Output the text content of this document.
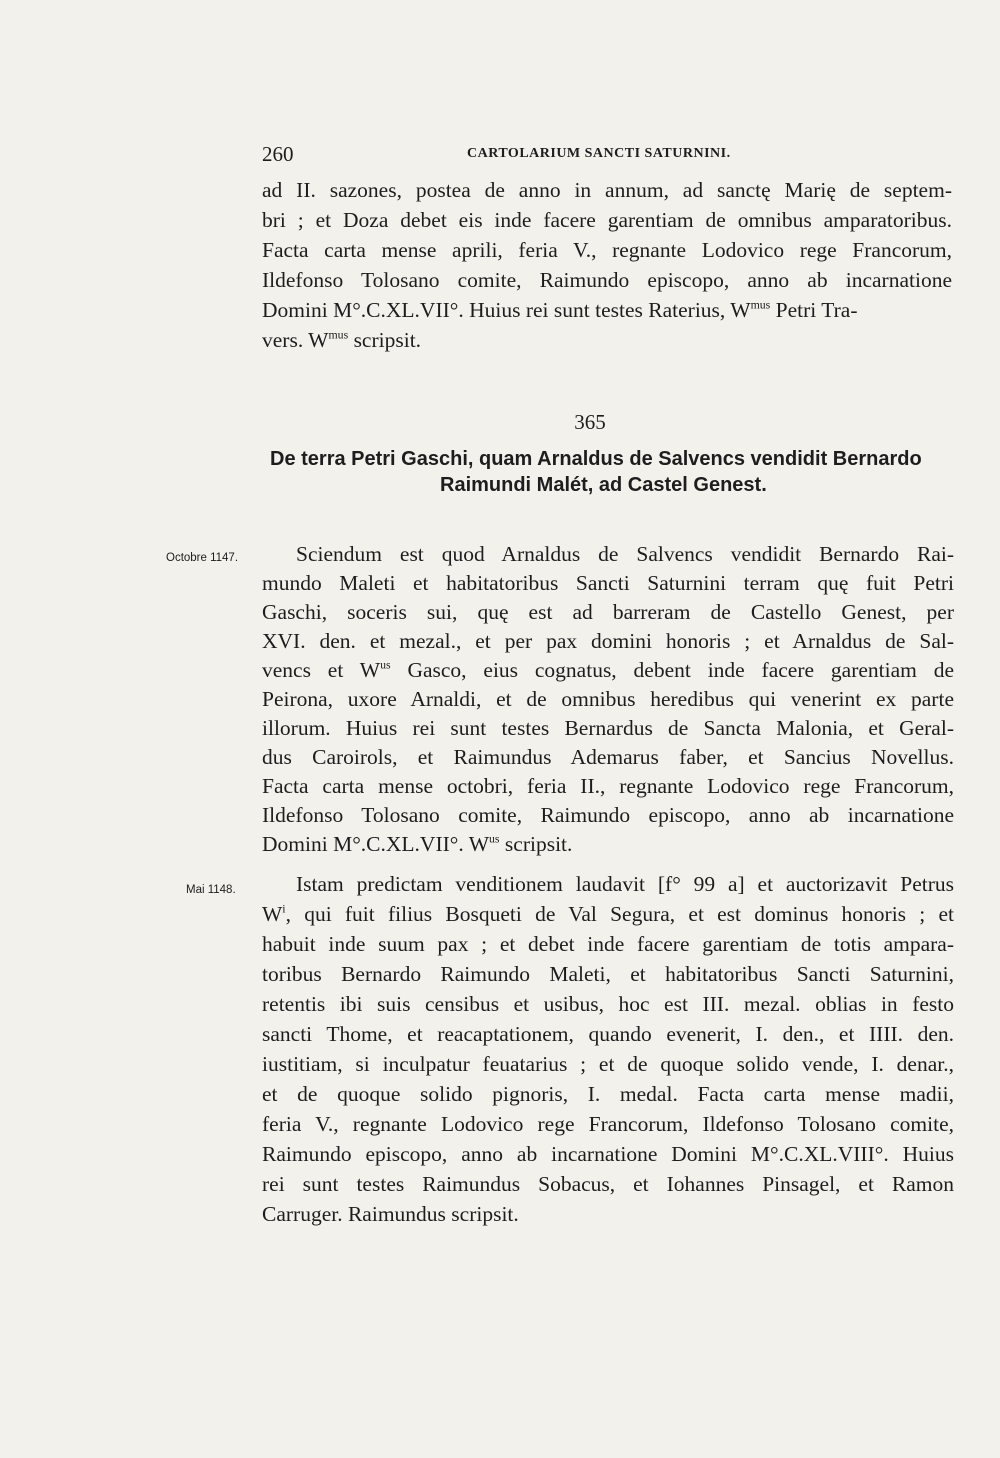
260	CARTOLARIUM SANCTI SATURNINI.
ad II. sazones, postea de anno in annum, ad sanctę Marię de septem-
bri ; et Doza debet eis inde facere garentiam de omnibus amparatoribus.
Facta carta mense aprili, feria V., regnante Lodovico rege Francorum,
Ildefonso Tolosano comite, Raimundo episcopo, anno ab incarnatione
Domini M°.C.XL.VII°. Huius rei sunt testes Raterius, $W^{mus}$ Petri Tra-
vers. $W^{mus}$ scripsit.
365
De terra Petri Gaschi, quam Arnaldus de Salvencs vendidit Bernardo
Raimundi Malét, ad Castel Genest.
Octobre 1147.
Mai 1148.
Sciendum est quod Arnaldus de Salvencs vendidit Bernardo Rai-
mundo Maleti et habitatoribus Sancti Saturnini terram quę fuit Petri
Gaschi, soceris sui, quę est ad barreram de Castello Genest, per
XVI. den. et mezal., et per pax domini honoris ; et Arnaldus de Sal-
vencs et $W^{us}$ Gasco, eius cognatus, debent inde facere garentiam de
Peirona, uxore Arnaldi, et de omnibus heredibus qui venerint ex parte
illorum. Huius rei sunt testes Bernardus de Sancta Malonia, et Geral-
dus Caroirols, et Raimundus Ademarus faber, et Sancius Novellus.
Facta carta mense octobri, feria II., regnante Lodovico rege Francorum,
Ildefonso Tolosano comite, Raimundo episcopo, anno ab incarnatione
Domini M°.C.XL.VII°. $W^{us}$ scripsit.
Istam predictam venditionem laudavit [f° 99 a] et auctorizavit Petrus
$W^i$, qui fuit filius Bosqueti de Val Segura, et est dominus honoris ; et
habuit inde suum pax ; et debet inde facere garentiam de totis ampara-
toribus Bernardo Raimundo Maleti, et habitatoribus Sancti Saturnini,
retentis ibi suis censibus et usibus, hoc est III. mezal. oblias in festo
sancti Thome, et reacaptationem, quando evenerit, I. den., et IIII. den.
iustitiam, si inculpatur feuatarius ; et de quoque solido vende, I. denar.,
et de quoque solido pignoris, I. medal. Facta carta mense madii,
feria V., regnante Lodovico rege Francorum, Ildefonso Tolosano comite,
Raimundo episcopo, anno ab incarnatione Domini M°.C.XL.VIII°. Huius
rei sunt testes Raimundus Sobacus, et Iohannes Pinsagel, et Ramon
Carruger. Raimundus scripsit.
